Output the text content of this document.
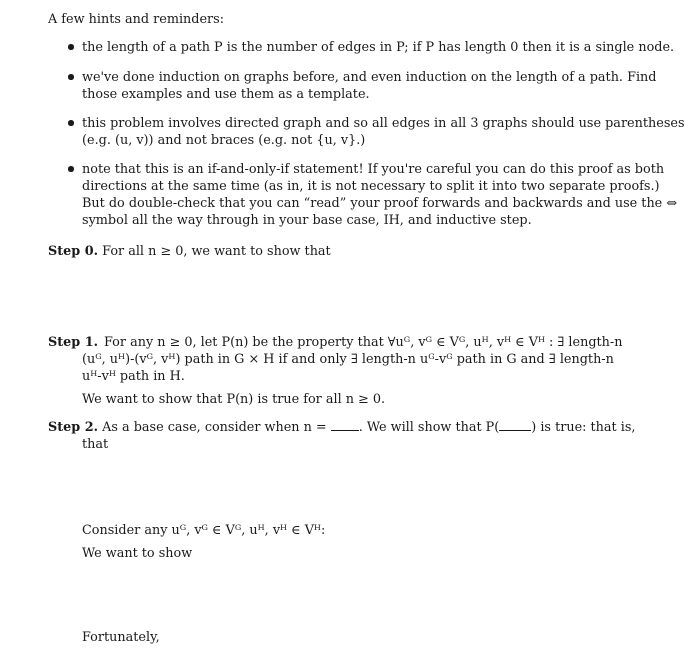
A few hints and reminders:
the length of a path P is the number of edges in P; if P has length 0 then it is a single node.
we've done induction on graphs before, and even induction on the length of a path. Find
those examples and use them as a template.
this problem involves directed graph and so all edges in all 3 graphs should use parentheses
(e.g. (u, v)) and not braces (e.g. not {u, v}.)
note that this is an if-and-only-if statement! If you're careful you can do this proof as both
directions at the same time (as in, it is not necessary to split it into two separate proofs.)
But do double-check that you can “read” your proof forwards and backwards and use the ⇔
symbol all the way through in your base case, IH, and inductive step.
Step 0. For all n ≥ 0, we want to show that
Step 1. For any n ≥ 0, let P(n) be the property that ∀uᴳ, vᴳ ∈ Vᴳ, uᴴ, vᴴ ∈ Vᴴ : ∃ length-n
(uᴳ, uᴴ)-(vᴳ, vᴴ) path in G × H if and only ∃ length-n uᴳ-vᴳ path in G and ∃ length-n
uᴴ-vᴴ path in H.
We want to show that P(n) is true for all n ≥ 0.
Step 2. As a base case, consider when n =	. We will show that P(	) is true: that is,
that
Consider any uᴳ, vᴳ ∈ Vᴳ, uᴴ, vᴴ ∈ Vᴴ:
We want to show
Fortunately,
